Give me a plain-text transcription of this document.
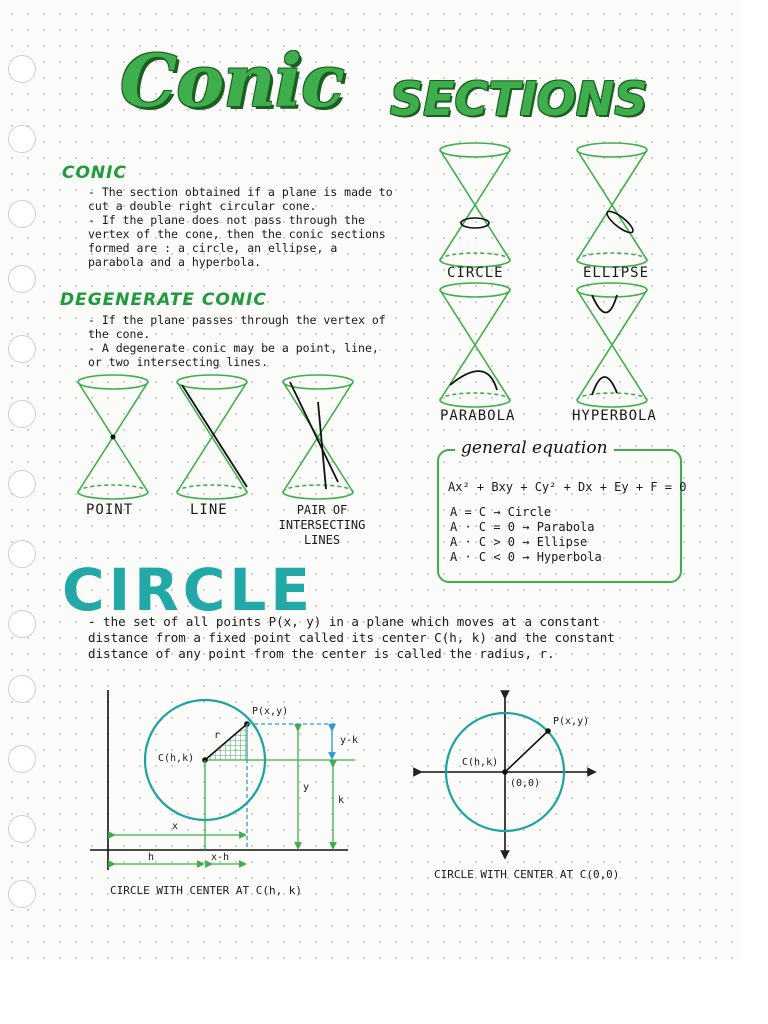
Conic SECTIONS
CONIC
- The section obtained if a plane is made to cut a double right circular cone.
- If the plane does not pass through the vertex of the cone, then the conic sections formed are : a circle, an ellipse, a parabola and a hyperbola.
DEGENERATE CONIC
- If the plane passes through the vertex of the cone.
- A degenerate conic may be a point, line, or two intersecting lines.
POINT	LINE	PAIR OF INTERSECTING LINES
CIRCLE	ELLIPSE
PARABOLA	HYPERBOLA
general equation
Ax² + Bxy + Cy² + Dx + Ey + F = 0
A = C → Circle
A · C = 0 → Parabola
A · C > 0 → Ellipse
A · C < 0 → Hyperbola
CIRCLE
- the set of all points P(x, y) in a plane which moves at a constant distance from a fixed point called its center C(h, k) and the constant distance of any point from the center is called the radius, r.
P(x,y)
C(h,k)
r	y-k
y
k
x
h	x-h
CIRCLE WITH CENTER AT C(h, k)
P(x,y)
C(h,k)
(0,0)
CIRCLE WITH CENTER AT C(0,0)
